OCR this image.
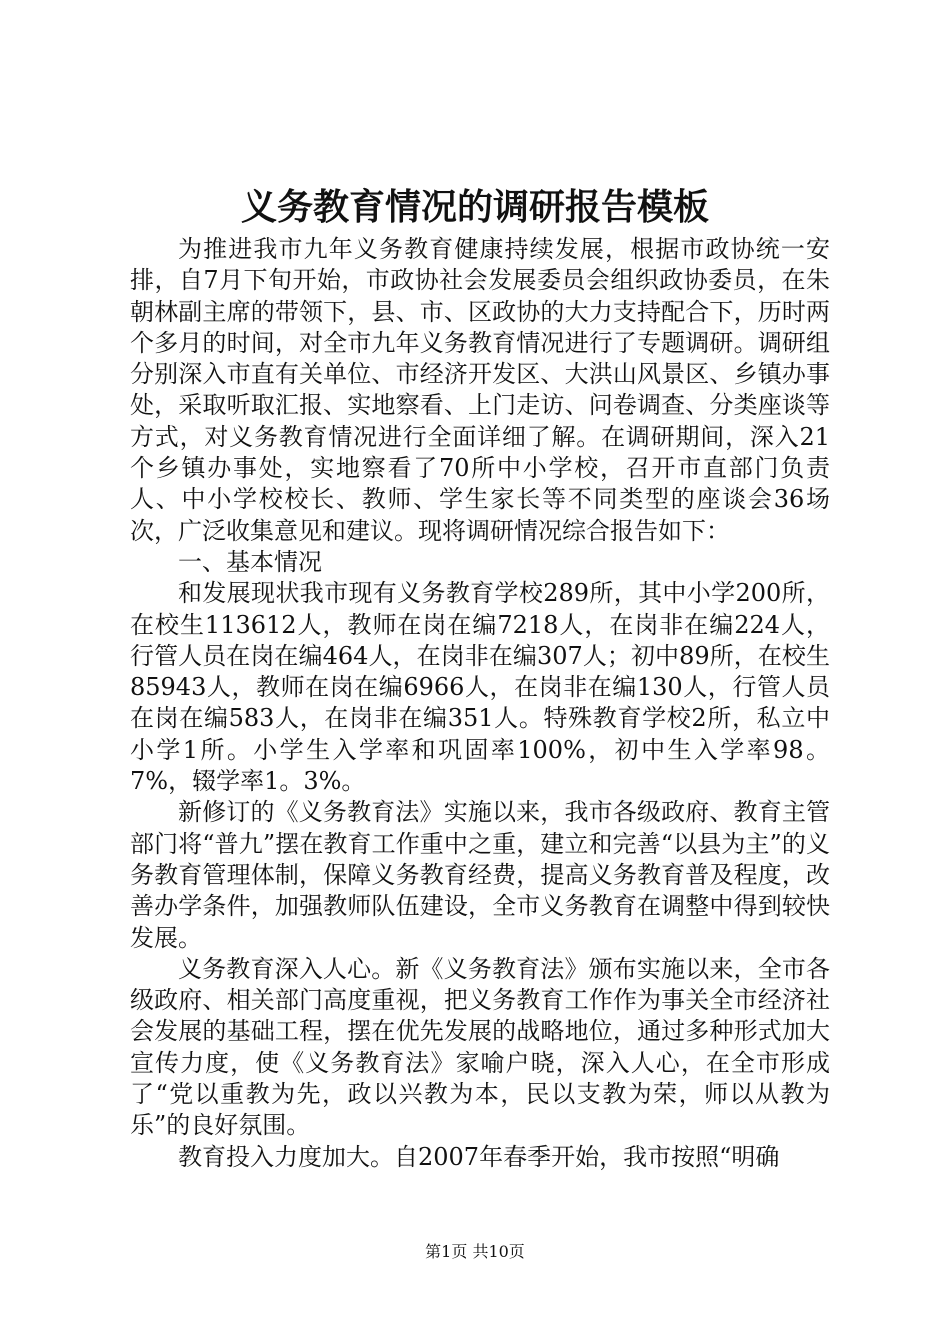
义务教育情况的调研报告模板

为推进我市九年义务教育健康持续发展，根据市政协统一安排，自7月下旬开始，市政协社会发展委员会组织政协委员，在朱朝林副主席的带领下，县、市、区政协的大力支持配合下，历时两个多月的时间，对全市九年义务教育情况进行了专题调研。调研组分别深入市直有关单位、市经济开发区、大洪山风景区、乡镇办事处，采取听取汇报、实地察看、上门走访、问卷调查、分类座谈等方式，对义务教育情况进行全面详细了解。在调研期间，深入21个乡镇办事处，实地察看了70所中小学校，召开市直部门负责人、中小学校校长、教师、学生家长等不同类型的座谈会36场次，广泛收集意见和建议。现将调研情况综合报告如下：

一、基本情况

和发展现状我市现有义务教育学校289所，其中小学200所，在校生113612人，教师在岗在编7218人，在岗非在编224人，行管人员在岗在编464人，在岗非在编307人；初中89所，在校生85943人，教师在岗在编6966人，在岗非在编130人，行管人员在岗在编583人，在岗非在编351人。特殊教育学校2所，私立中小学1所。小学生入学率和巩固率100%，初中生入学率98。7%，辍学率1。3%。

新修订的《义务教育法》实施以来，我市各级政府、教育主管部门将“普九”摆在教育工作重中之重，建立和完善“以县为主”的义务教育管理体制，保障义务教育经费，提高义务教育普及程度，改善办学条件，加强教师队伍建设，全市义务教育在调整中得到较快发展。

义务教育深入人心。新《义务教育法》颁布实施以来，全市各级政府、相关部门高度重视，把义务教育工作作为事关全市经济社会发展的基础工程，摆在优先发展的战略地位，通过多种形式加大宣传力度，使《义务教育法》家喻户晓，深入人心，在全市形成了“党以重教为先，政以兴教为本，民以支教为荣，师以从教为乐”的良好氛围。

教育投入力度加大。自2007年春季开始，我市按照“明确

第1页 共10页
